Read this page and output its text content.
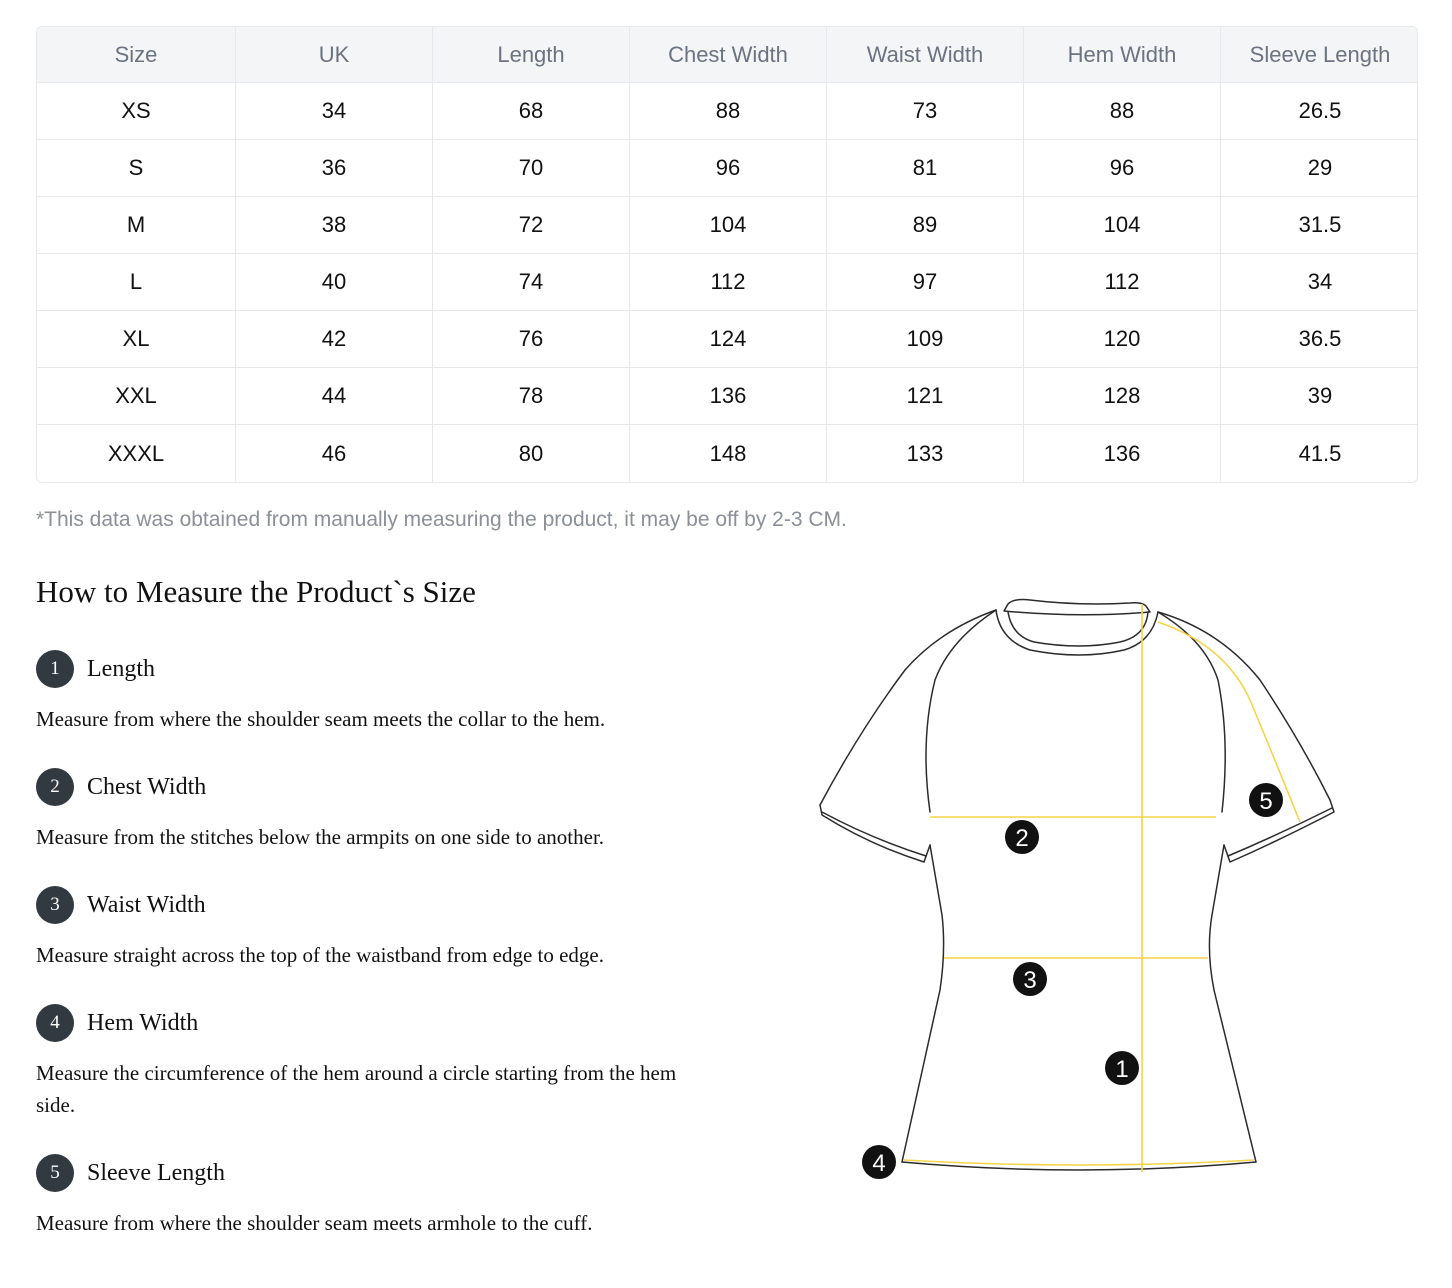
Size	UK	Length	Chest Width	Waist Width	Hem Width	Sleeve Length
XS	34	68	88	73	88	26.5
S	36	70	96	81	96	29
M	38	72	104	89	104	31.5
L	40	74	112	97	112	34
XL	42	76	124	109	120	36.5
XXL	44	78	136	121	128	39
XXXL	46	80	148	133	136	41.5
*This data was obtained from manually measuring the product, it may be off by 2-3 CM.
How to Measure the Product`s Size
1	Length
Measure from where the shoulder seam meets the collar to the hem.
2	Chest Width
Measure from the stitches below the armpits on one side to another.
3	Waist Width
Measure straight across the top of the waistband from edge to edge.
4	Hem Width
Measure the circumference of the hem around a circle starting from the hem side.
5	Sleeve Length
Measure from where the shoulder seam meets armhole to the cuff.
1
2
3
4
5
